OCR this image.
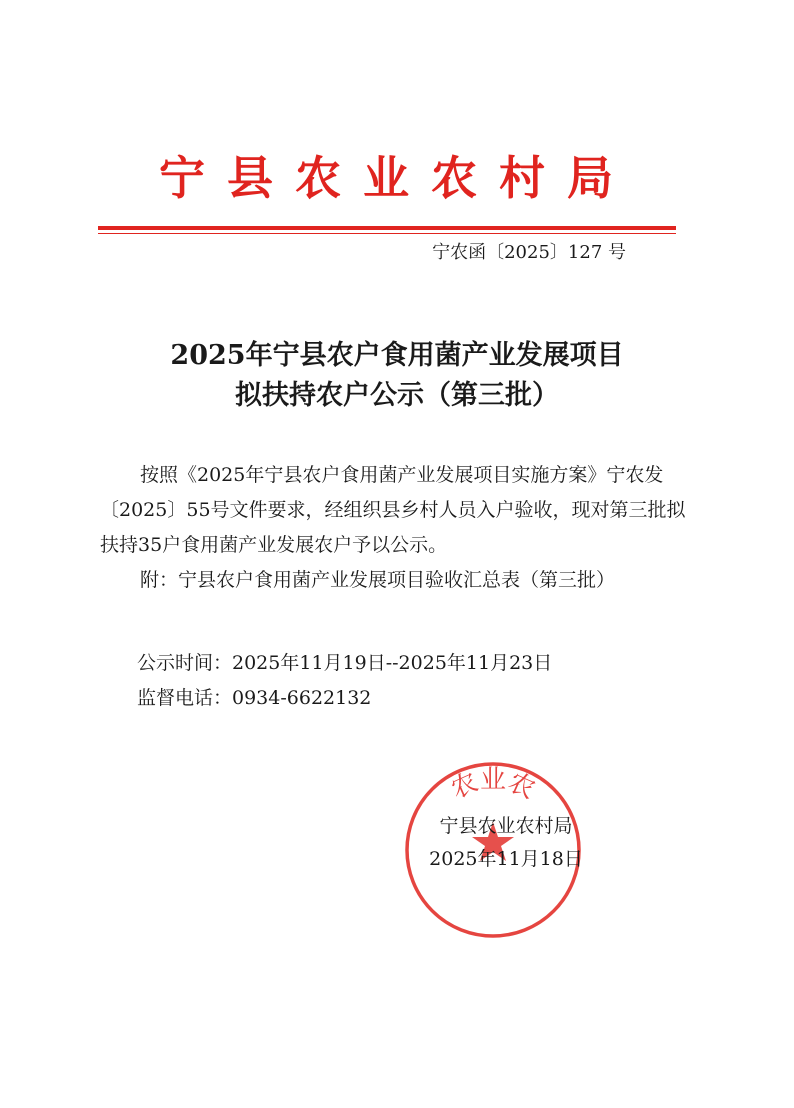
宁县农业农村局
宁农函〔2025〕127 号
2025年宁县农户食用菌产业发展项目
拟扶持农户公示（第三批）

按照《2025年宁县农户食用菌产业发展项目实施方案》宁农发〔2025〕55号文件要求，经组织县乡村人员入户验收，现对第三批拟扶持35户食用菌产业发展农户予以公示。

附：宁县农户食用菌产业发展项目验收汇总表（第三批）

公示时间：2025年11月19日--2025年11月23日

监督电话：0934-6622132

农业农

宁县农业农村局

2025年11月18日
